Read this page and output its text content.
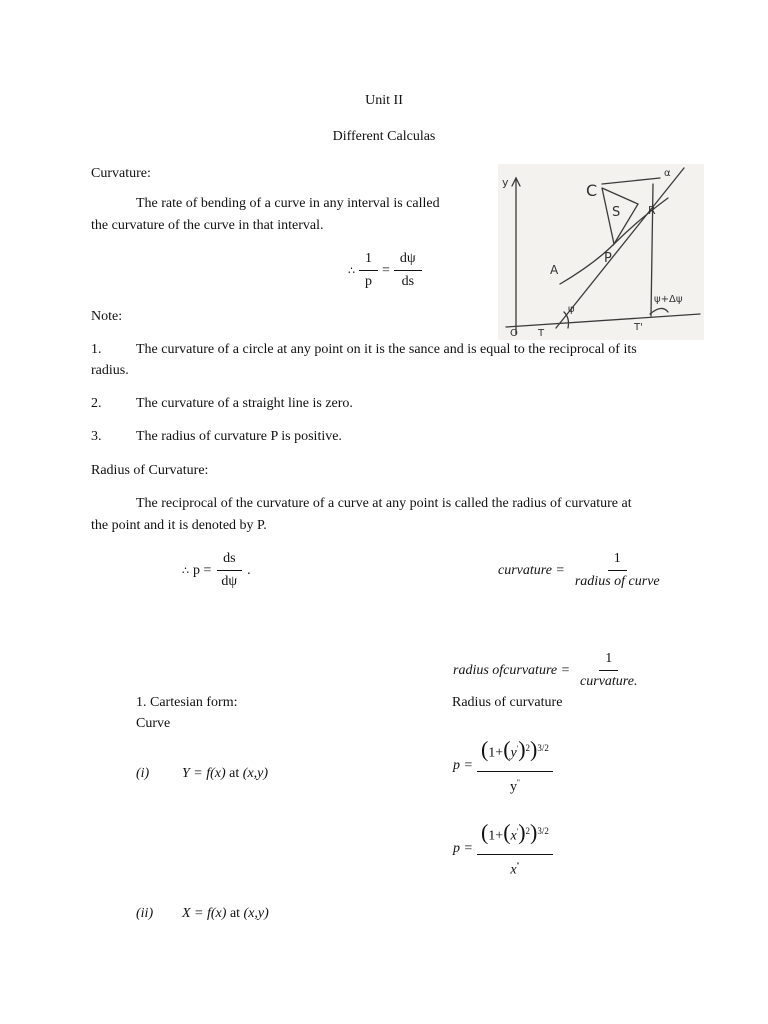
Unit II
Different Calculas
Curvature:
The rate of bending of a curve in any interval is called
the curvature of the curve in that interval.
∴ $\frac{1}{p} = \frac{d\psi}{ds}$
y	C
α
S	R
P
A
ψ
ψ+Δψ
O T
T'
Note:
1. The curvature of a circle at any point on it is the sance and is equal to the reciprocal of its
radius.
2. The curvature of a straight line is zero.
3. The radius of curvature P is positive.
Radius of Curvature:
The reciprocal of the curvature of a curve at any point is called the radius of curvature at
the point and it is denoted by P.
∴ $p = \frac{ds}{d\psi}$ .	curvature = $\frac{1}{\text{radius of curve}}$
radius ofcurvature = $\frac{1}{\text{curvature.}}$
1. Cartesian form:
Curve
Radius of curvature
(i) Y = f(x) at (x,y)
$p = \frac{(1+(y')^2)^{3/2}}{y''}$
$p = \frac{(1+(x')^2)^{3/2}}{x''}$
(ii) X = f(x) at (x,y)
